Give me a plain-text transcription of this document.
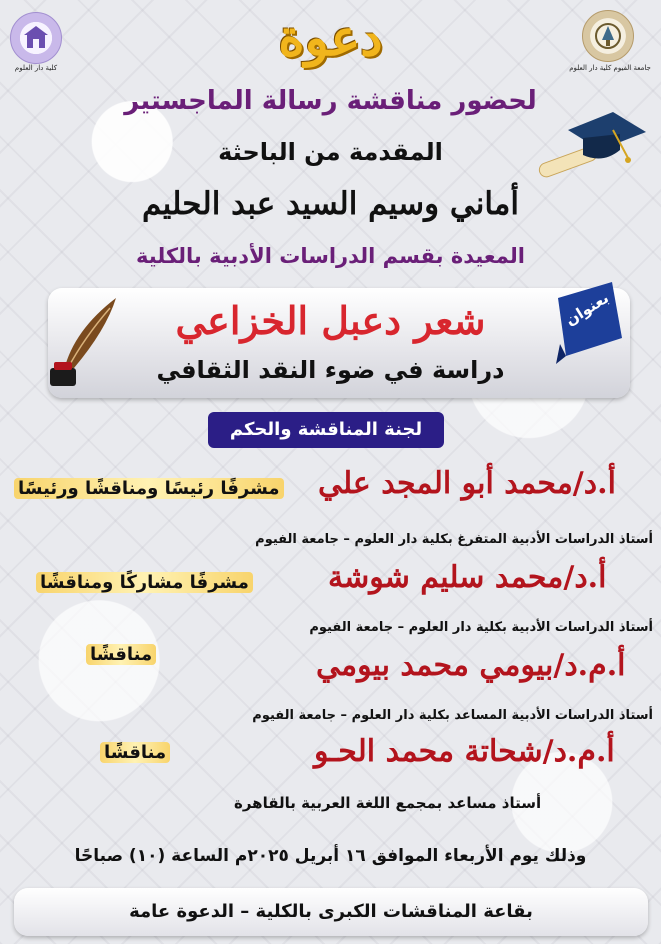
كلية دار العلوم	جامعة الفيوم كلية دار العلوم
دعوة
لحضور مناقشة رسالة الماجستير
المقدمة من الباحثة
أماني وسيم السيد عبد الحليم
المعيدة بقسم الدراسات الأدبية بالكلية
بعنوان
شعر دعبل الخزاعي
دراسة في ضوء النقد الثقافي
لجنة المناقشة والحكم
أ.د/محمد أبو المجد علي
مشرفًا رئيسًا ومناقشًا ورئيسًا
أستاذ الدراسات الأدبية المتفرغ بكلية دار العلوم – جامعة الفيوم
أ.د/محمد سليم شوشة
مشرفًا مشاركًا ومناقشًا
أستاذ الدراسات الأدبية بكلية دار العلوم – جامعة الفيوم
أ.م.د/بيومي محمد بيومي
مناقشًا
أستاذ الدراسات الأدبية المساعد بكلية دار العلوم – جامعة الفيوم
أ.م.د/شحاتة محمد الحـو
مناقشًا
أستاذ مساعد بمجمع اللغة العربية بالقاهرة
وذلك يوم الأربعاء الموافق ١٦ أبريل ٢٠٢٥م الساعة (١٠) صباحًا
بقاعة المناقشات الكبرى بالكلية – الدعوة عامة
